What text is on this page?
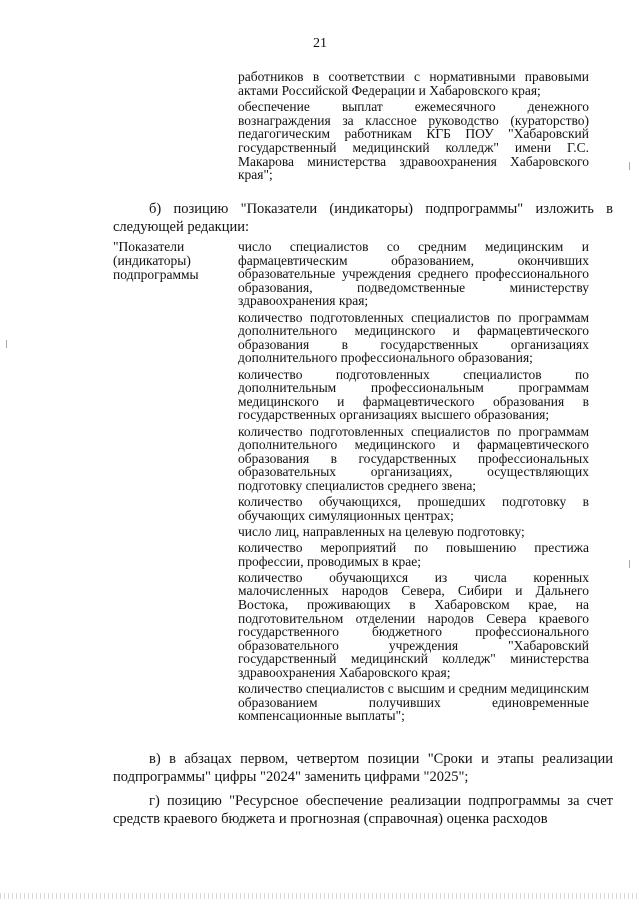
21

работников в соответствии с нормативными правовыми актами Российской Федерации и Хабаровского края;

обеспечение выплат ежемесячного денежного вознаграждения за классное руководство (кураторство) педагогическим работникам КГБ ПОУ "Хабаровский государственный медицинский колледж" имени Г.С. Макарова министерства здравоохранения Хабаровского края";

б) позицию "Показатели (индикаторы) подпрограммы" изложить в следующей редакции:

"Показатели (индикаторы) подпрограммы

число специалистов со средним медицинским и фармацевтическим образованием, окончивших образовательные учреждения среднего профессионального образования, подведомственные министерству здравоохранения края;

количество подготовленных специалистов по программам дополнительного медицинского и фармацевтического образования в государственных организациях дополнительного профессионального образования;

количество подготовленных специалистов по дополнительным профессиональным программам медицинского и фармацевтического образования в государственных организациях высшего образования;

количество подготовленных специалистов по программам дополнительного медицинского и фармацевтического образования в государственных профессиональных образовательных организациях, осуществляющих подготовку специалистов среднего звена;

количество обучающихся, прошедших подготовку в обучающих симуляционных центрах;

число лиц, направленных на целевую подготовку;

количество мероприятий по повышению престижа профессии, проводимых в крае;

количество обучающихся из числа коренных малочисленных народов Севера, Сибири и Дальнего Востока, проживающих в Хабаровском крае, на подготовительном отделении народов Севера краевого государственного бюджетного профессионального образовательного учреждения "Хабаровский государственный медицинский колледж" министерства здравоохранения Хабаровского края;

количество специалистов с высшим и средним медицинским образованием получивших единовременные компенсационные выплаты";

в) в абзацах первом, четвертом позиции "Сроки и этапы реализации подпрограммы" цифры "2024" заменить цифрами "2025";

г) позицию "Ресурсное обеспечение реализации подпрограммы за счет средств краевого бюджета и прогнозная (справочная) оценка расходов
